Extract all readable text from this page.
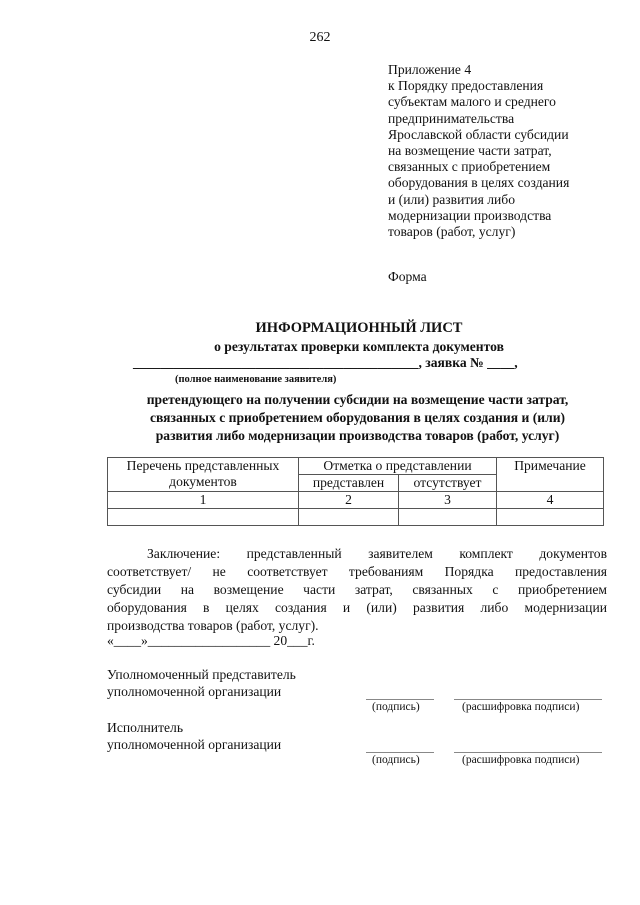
262
Приложение 4
к Порядку предоставления
субъектам малого и среднего
предпринимательства
Ярославской области субсидии
на возмещение части затрат,
связанных с приобретением
оборудования в целях создания
и (или) развития либо
модернизации производства
товаров (работ, услуг)
Форма
ИНФОРМАЦИОННЫЙ ЛИСТ
о результатах проверки комплекта документов
__________________________________________, заявка № ____,
(полное наименование заявителя)
претендующего на получении субсидии на возмещение части затрат,
связанных с приобретением оборудования в целях создания и (или)
развития либо модернизации производства товаров (работ, услуг)
Перечень представленных документов	Отметка о представлении		Примечание
	представлен	отсутствует	
1	2	3	4

Заключение: представленный заявителем комплект документов
соответствует/ не соответствует требованиям Порядка предоставления
субсидии на возмещение части затрат, связанных с приобретением
оборудования в целях создания и (или) развития либо модернизации
производства товаров (работ, услуг).
«____»__________________ 20___г.
Уполномоченный представитель
уполномоченной организации
(подпись)	(расшифровка подписи)
Исполнитель
уполномоченной организации
(подпись)	(расшифровка подписи)
